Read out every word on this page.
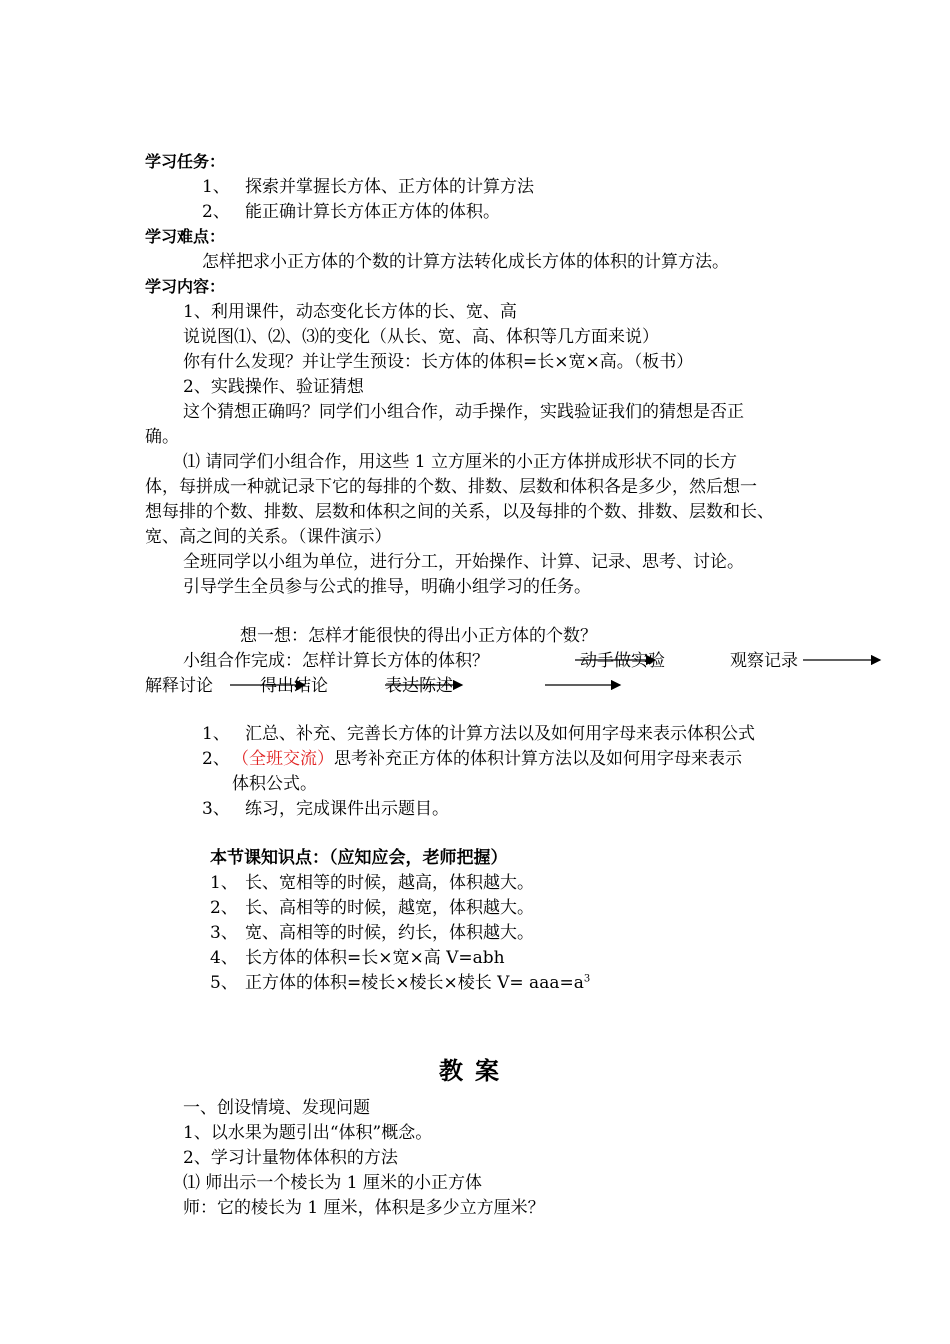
学习任务：
1、 探索并掌握长方体、正方体的计算方法
2、 能正确计算长方体正方体的体积。
学习难点：
怎样把求小正方体的个数的计算方法转化成长方体的体积的计算方法。
学习内容：
1、利用课件，动态变化长方体的长、宽、高
说说图⑴、⑵、⑶的变化（从长、宽、高、体积等几方面来说）
你有什么发现？并让学生预设：长方体的体积=长×宽×高。（板书）
2、实践操作、验证猜想
这个猜想正确吗？同学们小组合作，动手操作，实践验证我们的猜想是否正
确。
⑴ 请同学们小组合作，用这些 1 立方厘米的小正方体拼成形状不同的长方
体，每拼成一种就记录下它的每排的个数、排数、层数和体积各是多少，然后想一
想每排的个数、排数、层数和体积之间的关系，以及每排的个数、排数、层数和长、
宽、高之间的关系。（课件演示）
全班同学以小组为单位，进行分工，开始操作、计算、记录、思考、讨论。
引导学生全员参与公式的推导，明确小组学习的任务。
想一想：怎样才能很快的得出小正方体的个数？
小组合作完成：怎样计算长方体的体积？	动手做实验	观察记录
解释讨论	得出结论	表达陈述
1、 汇总、补充、完善长方体的计算方法以及如何用字母来表示体积公式
2、 （全班交流）思考补充正方体的体积计算方法以及如何用字母来表示
体积公式。
3、 练习，完成课件出示题目。
本节课知识点：（应知应会，老师把握）
1、 长、宽相等的时候，越高，体积越大。
2、 长、高相等的时候，越宽，体积越大。
3、 宽、高相等的时候，约长，体积越大。
4、 长方体的体积=长×宽×高 V=abh
5、 正方体的体积=棱长×棱长×棱长 $V= aaa=a^3$
教案
一、创设情境、发现问题
1、以水果为题引出“体积”概念。
2、学习计量物体体积的方法
⑴ 师出示一个棱长为 1 厘米的小正方体
师：它的棱长为 1 厘米，体积是多少立方厘米？
